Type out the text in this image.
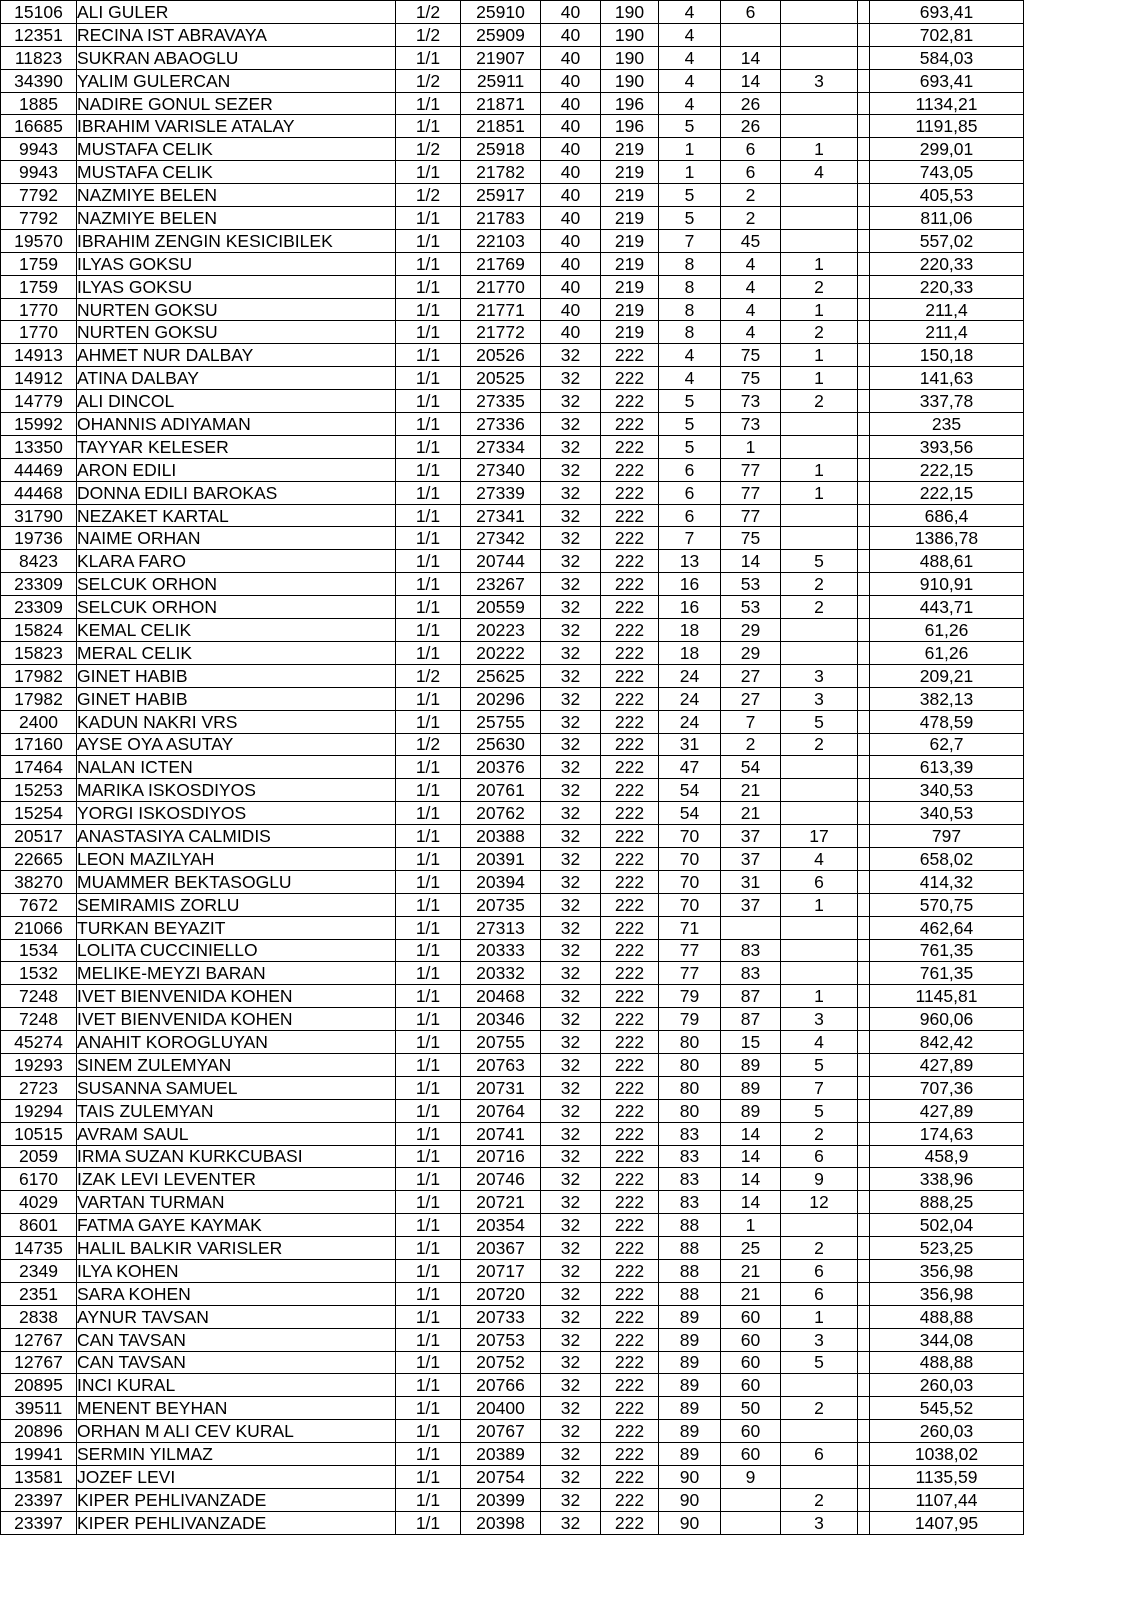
15106	ALI GULER	1/2	25910	40	190	4	6			693,41
12351	RECINA IST ABRAVAYA	1/2	25909	40	190	4				702,81
11823	SUKRAN ABAOGLU	1/1	21907	40	190	4	14			584,03
34390	YALIM GULERCAN	1/2	25911	40	190	4	14	3		693,41
1885	NADIRE GONUL SEZER	1/1	21871	40	196	4	26			1134,21
16685	IBRAHIM VARISLE ATALAY	1/1	21851	40	196	5	26			1191,85
9943	MUSTAFA CELIK	1/2	25918	40	219	1	6	1		299,01
9943	MUSTAFA CELIK	1/1	21782	40	219	1	6	4		743,05
7792	NAZMIYE BELEN	1/2	25917	40	219	5	2			405,53
7792	NAZMIYE BELEN	1/1	21783	40	219	5	2			811,06
19570	IBRAHIM ZENGIN KESICIBILEK	1/1	22103	40	219	7	45			557,02
1759	ILYAS GOKSU	1/1	21769	40	219	8	4	1		220,33
1759	ILYAS GOKSU	1/1	21770	40	219	8	4	2		220,33
1770	NURTEN GOKSU	1/1	21771	40	219	8	4	1		211,4
1770	NURTEN GOKSU	1/1	21772	40	219	8	4	2		211,4
14913	AHMET NUR DALBAY	1/1	20526	32	222	4	75	1		150,18
14912	ATINA DALBAY	1/1	20525	32	222	4	75	1		141,63
14779	ALI DINCOL	1/1	27335	32	222	5	73	2		337,78
15992	OHANNIS ADIYAMAN	1/1	27336	32	222	5	73			235
13350	TAYYAR KELESER	1/1	27334	32	222	5	1			393,56
44469	ARON EDILI	1/1	27340	32	222	6	77	1		222,15
44468	DONNA EDILI BAROKAS	1/1	27339	32	222	6	77	1		222,15
31790	NEZAKET KARTAL	1/1	27341	32	222	6	77			686,4
19736	NAIME ORHAN	1/1	27342	32	222	7	75			1386,78
8423	KLARA FARO	1/1	20744	32	222	13	14	5		488,61
23309	SELCUK ORHON	1/1	23267	32	222	16	53	2		910,91
23309	SELCUK ORHON	1/1	20559	32	222	16	53	2		443,71
15824	KEMAL CELIK	1/1	20223	32	222	18	29			61,26
15823	MERAL CELIK	1/1	20222	32	222	18	29			61,26
17982	GINET HABIB	1/2	25625	32	222	24	27	3		209,21
17982	GINET HABIB	1/1	20296	32	222	24	27	3		382,13
2400	KADUN NAKRI VRS	1/1	25755	32	222	24	7	5		478,59
17160	AYSE OYA ASUTAY	1/2	25630	32	222	31	2	2		62,7
17464	NALAN ICTEN	1/1	20376	32	222	47	54			613,39
15253	MARIKA ISKOSDIYOS	1/1	20761	32	222	54	21			340,53
15254	YORGI ISKOSDIYOS	1/1	20762	32	222	54	21			340,53
20517	ANASTASIYA CALMIDIS	1/1	20388	32	222	70	37	17		797
22665	LEON MAZILYAH	1/1	20391	32	222	70	37	4		658,02
38270	MUAMMER BEKTASOGLU	1/1	20394	32	222	70	31	6		414,32
7672	SEMIRAMIS ZORLU	1/1	20735	32	222	70	37	1		570,75
21066	TURKAN BEYAZIT	1/1	27313	32	222	71				462,64
1534	LOLITA CUCCINIELLO	1/1	20333	32	222	77	83			761,35
1532	MELIKE-MEYZI BARAN	1/1	20332	32	222	77	83			761,35
7248	IVET BIENVENIDA KOHEN	1/1	20468	32	222	79	87	1		1145,81
7248	IVET BIENVENIDA KOHEN	1/1	20346	32	222	79	87	3		960,06
45274	ANAHIT KOROGLUYAN	1/1	20755	32	222	80	15	4		842,42
19293	SINEM ZULEMYAN	1/1	20763	32	222	80	89	5		427,89
2723	SUSANNA SAMUEL	1/1	20731	32	222	80	89	7		707,36
19294	TAIS ZULEMYAN	1/1	20764	32	222	80	89	5		427,89
10515	AVRAM SAUL	1/1	20741	32	222	83	14	2		174,63
2059	IRMA SUZAN KURKCUBASI	1/1	20716	32	222	83	14	6		458,9
6170	IZAK LEVI LEVENTER	1/1	20746	32	222	83	14	9		338,96
4029	VARTAN TURMAN	1/1	20721	32	222	83	14	12		888,25
8601	FATMA GAYE KAYMAK	1/1	20354	32	222	88	1			502,04
14735	HALIL BALKIR VARISLER	1/1	20367	32	222	88	25	2		523,25
2349	ILYA KOHEN	1/1	20717	32	222	88	21	6		356,98
2351	SARA KOHEN	1/1	20720	32	222	88	21	6		356,98
2838	AYNUR TAVSAN	1/1	20733	32	222	89	60	1		488,88
12767	CAN TAVSAN	1/1	20753	32	222	89	60	3		344,08
12767	CAN TAVSAN	1/1	20752	32	222	89	60	5		488,88
20895	INCI KURAL	1/1	20766	32	222	89	60			260,03
39511	MENENT BEYHAN	1/1	20400	32	222	89	50	2		545,52
20896	ORHAN M ALI CEV KURAL	1/1	20767	32	222	89	60			260,03
19941	SERMIN YILMAZ	1/1	20389	32	222	89	60	6		1038,02
13581	JOZEF LEVI	1/1	20754	32	222	90	9			1135,59
23397	KIPER PEHLIVANZADE	1/1	20399	32	222	90		2		1107,44
23397	KIPER PEHLIVANZADE	1/1	20398	32	222	90		3		1407,95
